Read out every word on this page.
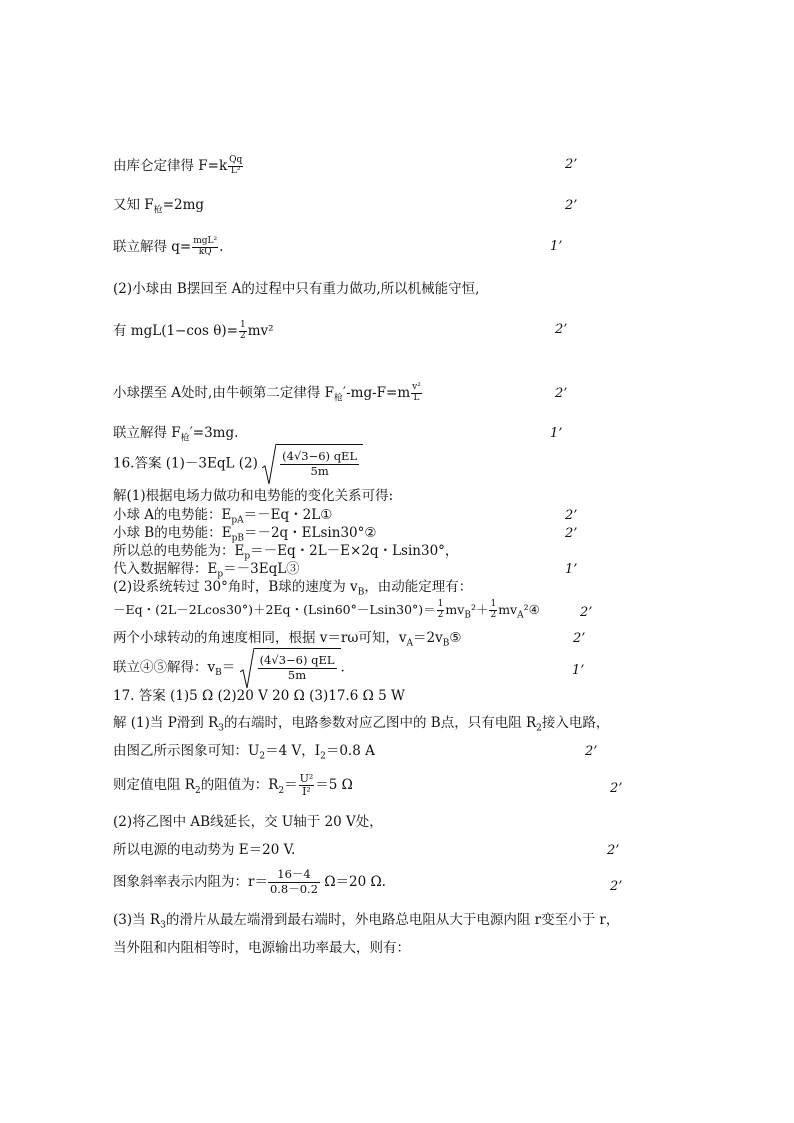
由库仑定律得 $F=k \frac{Qq}{\text{L²}}$	2’
又知 $F_枪=2mg$	2’
联立解得 $q= \frac{\text{mgL²}}{kQ}$ .	1’
(2)小球由 B摆回至 A的过程中只有重力做功,所以机械能守恒,
有 mgL(1−cos $\theta)= \frac{1}{2} mv^2$	2’
小球摆至 A处时,由牛顿第二定律得 $F_枪'-mg-F=m \frac{\text{v²}}{L}$	2’
联立解得 $F_枪'=3mg$.	1’
16.答案 (1)－3EqL (2) (4√3−6) qEL
5m
解(1)根据电场力做功和电势能的变化关系可得:
小球 A的电势能：$E_{pA}=-Eq$・2L①	2’
小球 B的电势能：$E_{pB}=-2q$・ELsin30°②	2’
所以总的电势能为：$E_p=-Eq$・2L－E×2q・Lsin30°，
代入数据解得：$E_p=-3EqL③$	1’
(2)设系统转过 30°角时，B球的速度为 $v_B$，由动能定理有：
－Eq・(2L－2Lcos30°)＋2Eq・$(Lsin60^\circ-Lsin30^\circ)= \frac{1}{2} mv_B^2+ \frac{1}{2}$ $mv_A^2④$	2’
两个小球转动的角速度相同，根据 v＝rω可知，$v_A=2v_B⑤$	2’
联立④⑤解得：$v_B= (4√3-6)$ qEL
5m	.	1’
17. 答案 (1)5 Ω (2)20 V 20 Ω (3)17.6 Ω 5 W
解 (1)当 P滑到 $R_3$的右端时，电路参数对应乙图中的 B点，只有电阻 $R_2$接入电路，
由图乙所示图象可知：$U_2=4$ V，$I_2=0.8$ A	2’
则定值电阻 $R_2$的阻值为：$R_2= \frac{\text{U²}}{\text{I²}} =5$ Ω	2’
(2)将乙图中 AB线延长，交 U轴于 20 V处，
所以电源的电动势为 E＝20 V.	2’
图象斜率表示内阻为：$r= \frac{16-4}{0.8-0.2} \Omega=20$ Ω.	2’
(3)当 $R_3$的滑片从最左端滑到最右端时，外电路总电阻从大于电源内阻 r变至小于 r，
当外阻和内阻相等时，电源输出功率最大，则有：
